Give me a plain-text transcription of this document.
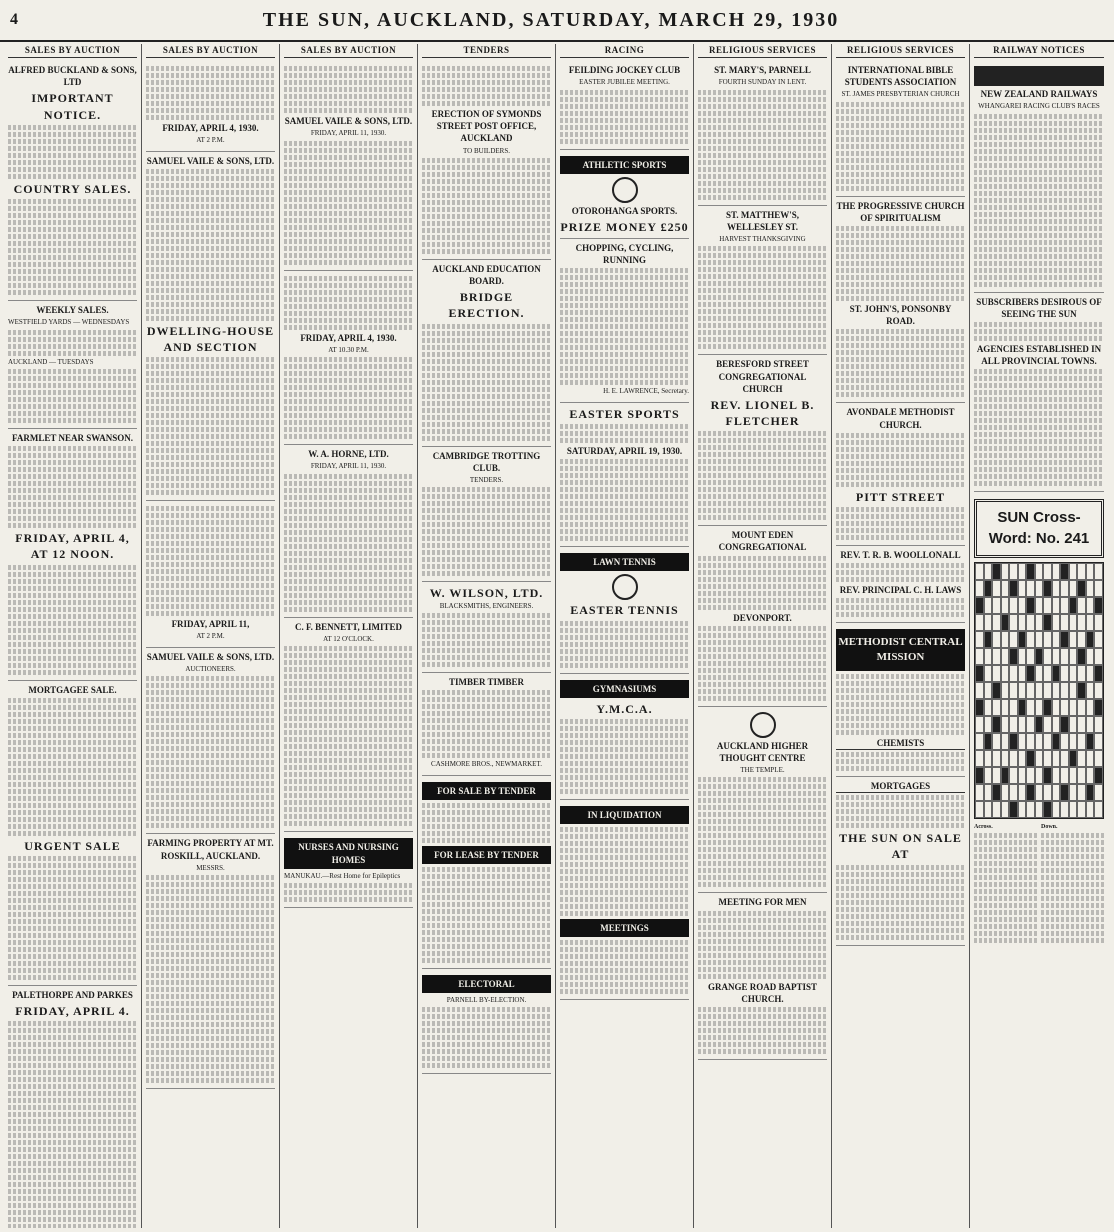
4	THE SUN, AUCKLAND, SATURDAY, MARCH 29, 1930
SALES BY AUCTION
ALFRED BUCKLAND & SONS, LTD
IMPORTANT NOTICE.
COUNTRY SALES.
WEEKLY SALES.

WESTFIELD YARDS — WEDNESDAYS

AUCKLAND — TUESDAYS

FARMLET NEAR SWANSON.
FRIDAY, APRIL 4, AT 12 NOON.
MORTGAGEE SALE.
URGENT SALE
PALETHORPE AND PARKES
FRIDAY, APRIL 4.
SALES BY AUCTION
FRIDAY, APRIL 4, 1930.

AT 2 P.M.

SAMUEL VAILE & SONS, LTD.
DWELLING-HOUSE AND SECTION
FRIDAY, APRIL 11,

AT 2 P.M.

SAMUEL VAILE & SONS, LTD.

AUCTIONEERS.

FARMING PROPERTY AT MT. ROSKILL, AUCKLAND.

MESSRS.

SALES BY AUCTION
SAMUEL VAILE & SONS, LTD.

FRIDAY, APRIL 11, 1930.

FRIDAY, APRIL 4, 1930.

AT 10.30 P.M.

W. A. HORNE, LTD.

FRIDAY, APRIL 11, 1930.

C. F. BENNETT, LIMITED

AT 12 O'CLOCK.

NURSES AND NURSING HOMES

MANUKAU.—Rest Home for Epileptics

TENDERS
ERECTION OF SYMONDS STREET POST OFFICE, AUCKLAND

TO BUILDERS.

AUCKLAND EDUCATION BOARD.
BRIDGE ERECTION.
CAMBRIDGE TROTTING CLUB.

TENDERS.

W. WILSON, LTD.

BLACKSMITHS, ENGINEERS.

TIMBER TIMBER

CASHMORE BROS., NEWMARKET.

FOR SALE BY TENDER
FOR LEASE BY TENDER
ELECTORAL

PARNELL BY-ELECTION.

RACING
FEILDING JOCKEY CLUB

EASTER JUBILEE MEETING.

ATHLETIC SPORTS
OTOROHANGA SPORTS.
PRIZE MONEY £250
CHOPPING, CYCLING, RUNNING

H. E. LAWRENCE, Secretary.

EASTER SPORTS
SATURDAY, APRIL 19, 1930.
LAWN TENNIS
EASTER TENNIS
GYMNASIUMS
Y.M.C.A.
IN LIQUIDATION
MEETINGS
RELIGIOUS SERVICES
ST. MARY'S, PARNELL

FOURTH SUNDAY IN LENT.

ST. MATTHEW'S, WELLESLEY ST.

HARVEST THANKSGIVING

BERESFORD STREET CONGREGATIONAL CHURCH
REV. LIONEL B. FLETCHER
MOUNT EDEN CONGREGATIONAL
DEVONPORT.
AUCKLAND HIGHER THOUGHT CENTRE

THE TEMPLE.

MEETING FOR MEN
GRANGE ROAD BAPTIST CHURCH.
RELIGIOUS SERVICES
INTERNATIONAL BIBLE STUDENTS ASSOCIATION

ST. JAMES PRESBYTERIAN CHURCH

THE PROGRESSIVE CHURCH OF SPIRITUALISM
ST. JOHN'S, PONSONBY ROAD.
AVONDALE METHODIST CHURCH.
PITT STREET
REV. T. R. B. WOOLLONALL
REV. PRINCIPAL C. H. LAWS
METHODIST CENTRAL MISSION
CHEMISTS
MORTGAGES
THE SUN ON SALE AT
RAILWAY NOTICES
NEW ZEALAND RAILWAYS

WHANGAREI RACING CLUB'S RACES

SUBSCRIBERS DESIROUS OF SEEING THE SUN
AGENCIES ESTABLISHED IN ALL PROVINCIAL TOWNS.
SUN Cross-Word: No. 241
Across.	Down.
